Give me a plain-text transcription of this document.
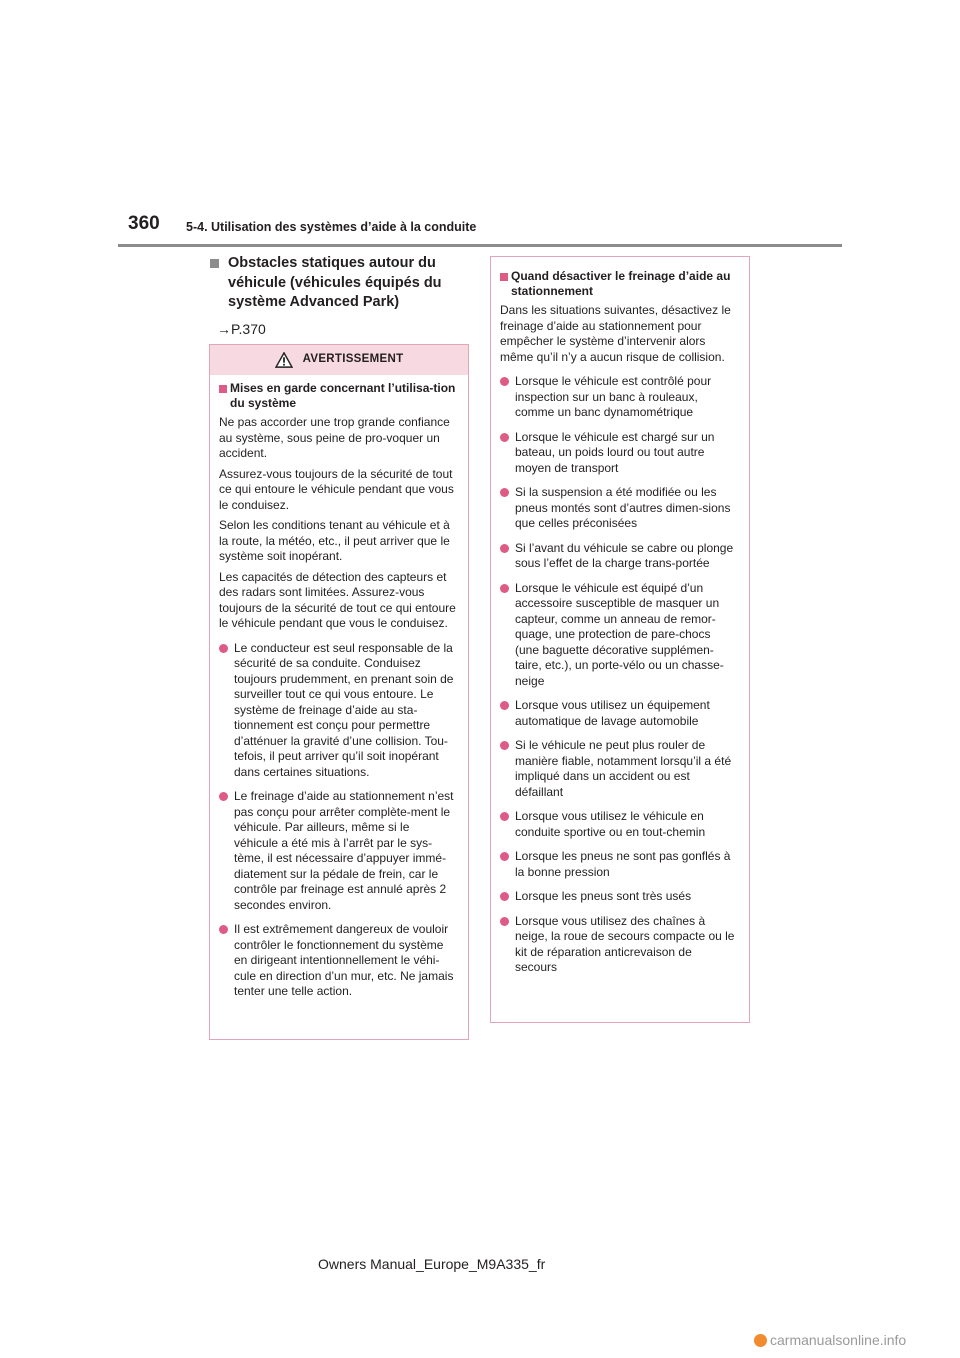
360 5-4. Utilisation des systèmes d’aide à la conduite
Obstacles statiques autour du véhicule (véhicules équipés du système Advanced Park)
→P.370
AVERTISSEMENT
Mises en garde concernant l’utilisa-tion du système

Ne pas accorder une trop grande confiance au système, sous peine de pro-voquer un accident.

Assurez-vous toujours de la sécurité de tout ce qui entoure le véhicule pendant que vous le conduisez.

Selon les conditions tenant au véhicule et à la route, la météo, etc., il peut arriver que le système soit inopérant.

Les capacités de détection des capteurs et des radars sont limitées. Assurez-vous toujours de la sécurité de tout ce qui entoure le véhicule pendant que vous le conduisez.

Le conducteur est seul responsable de la sécurité de sa conduite. Conduisez toujours prudemment, en prenant soin de surveiller tout ce qui vous entoure. Le système de freinage d’aide au sta-tionnement est conçu pour permettre d’atténuer la gravité d’une collision. Tou-tefois, il peut arriver qu’il soit inopérant dans certaines situations.
Le freinage d’aide au stationnement n’est pas conçu pour arrêter complète-ment le véhicule. Par ailleurs, même si le véhicule a été mis à l’arrêt par le sys-tème, il est nécessaire d’appuyer immé-diatement sur la pédale de frein, car le contrôle par freinage est annulé après 2 secondes environ.
Il est extrêmement dangereux de vouloir contrôler le fonctionnement du système en dirigeant intentionnellement le véhi-cule en direction d’un mur, etc. Ne jamais tenter une telle action.
Quand désactiver le freinage d’aide au stationnement

Dans les situations suivantes, désactivez le freinage d’aide au stationnement pour empêcher le système d’intervenir alors même qu’il n’y a aucun risque de collision.

Lorsque le véhicule est contrôlé pour inspection sur un banc à rouleaux, comme un banc dynamométrique
Lorsque le véhicule est chargé sur un bateau, un poids lourd ou tout autre moyen de transport
Si la suspension a été modifiée ou les pneus montés sont d’autres dimen-sions que celles préconisées
Si l’avant du véhicule se cabre ou plonge sous l’effet de la charge trans-portée
Lorsque le véhicule est équipé d’un accessoire susceptible de masquer un capteur, comme un anneau de remor-quage, une protection de pare-chocs (une baguette décorative supplémen-taire, etc.), un porte-vélo ou un chasse-neige
Lorsque vous utilisez un équipement automatique de lavage automobile
Si le véhicule ne peut plus rouler de manière fiable, notamment lorsqu’il a été impliqué dans un accident ou est défaillant
Lorsque vous utilisez le véhicule en conduite sportive ou en tout-chemin
Lorsque les pneus ne sont pas gonflés à la bonne pression
Lorsque les pneus sont très usés
Lorsque vous utilisez des chaînes à neige, la roue de secours compacte ou le kit de réparation anticrevaison de secours
Owners Manual_Europe_M9A335_fr
carmanualsonline.info
